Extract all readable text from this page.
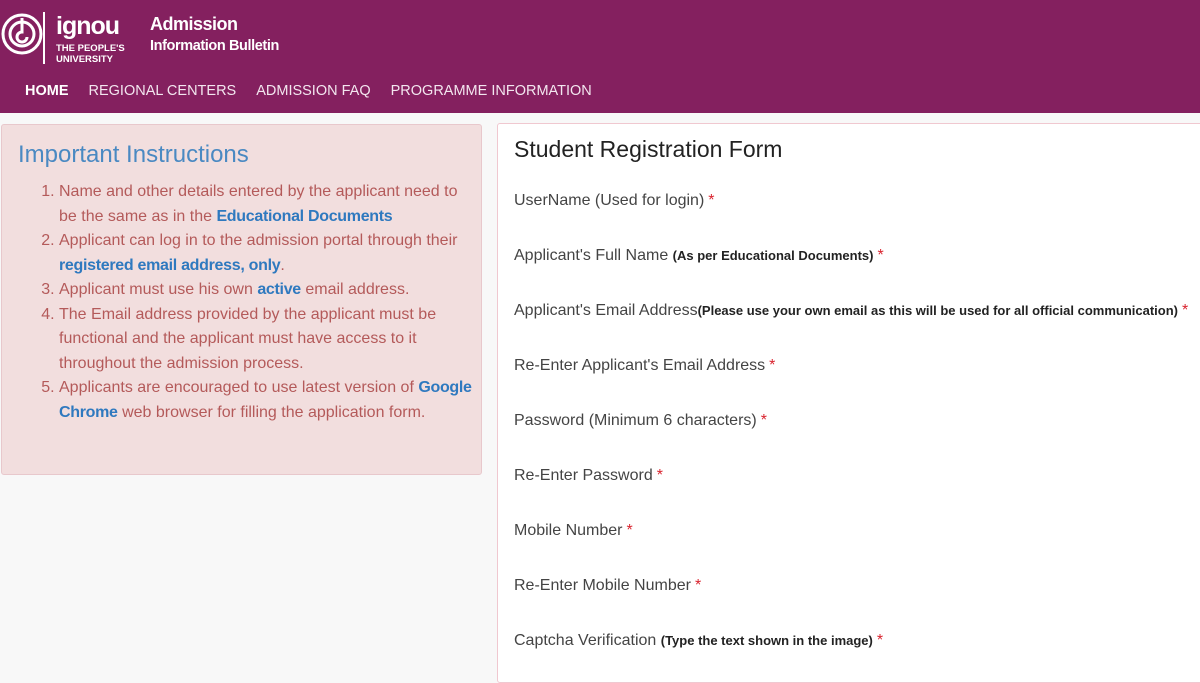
ignou
THE PEOPLE'S
UNIVERSITY
Admission
Information Bulletin
HOME REGIONAL CENTERS ADMISSION FAQ PROGRAMME INFORMATION
Important Instructions
1. Name and other details entered by the applicant need to be the same as in the Educational Documents
2. Applicant can log in to the admission portal through their registered email address, only.
3. Applicant must use his own active email address.
4. The Email address provided by the applicant must be functional and the applicant must have access to it throughout the admission process.
5. Applicants are encouraged to use latest version of Google Chrome web browser for filling the application form.
Student Registration Form
UserName (Used for login) *
Applicant's Full Name (As per Educational Documents) *
Applicant's Email Address(Please use your own email as this will be used for all official communication) *
Re-Enter Applicant's Email Address *
Password (Minimum 6 characters) *
Re-Enter Password *
Mobile Number *
Re-Enter Mobile Number *
Captcha Verification (Type the text shown in the image) *
